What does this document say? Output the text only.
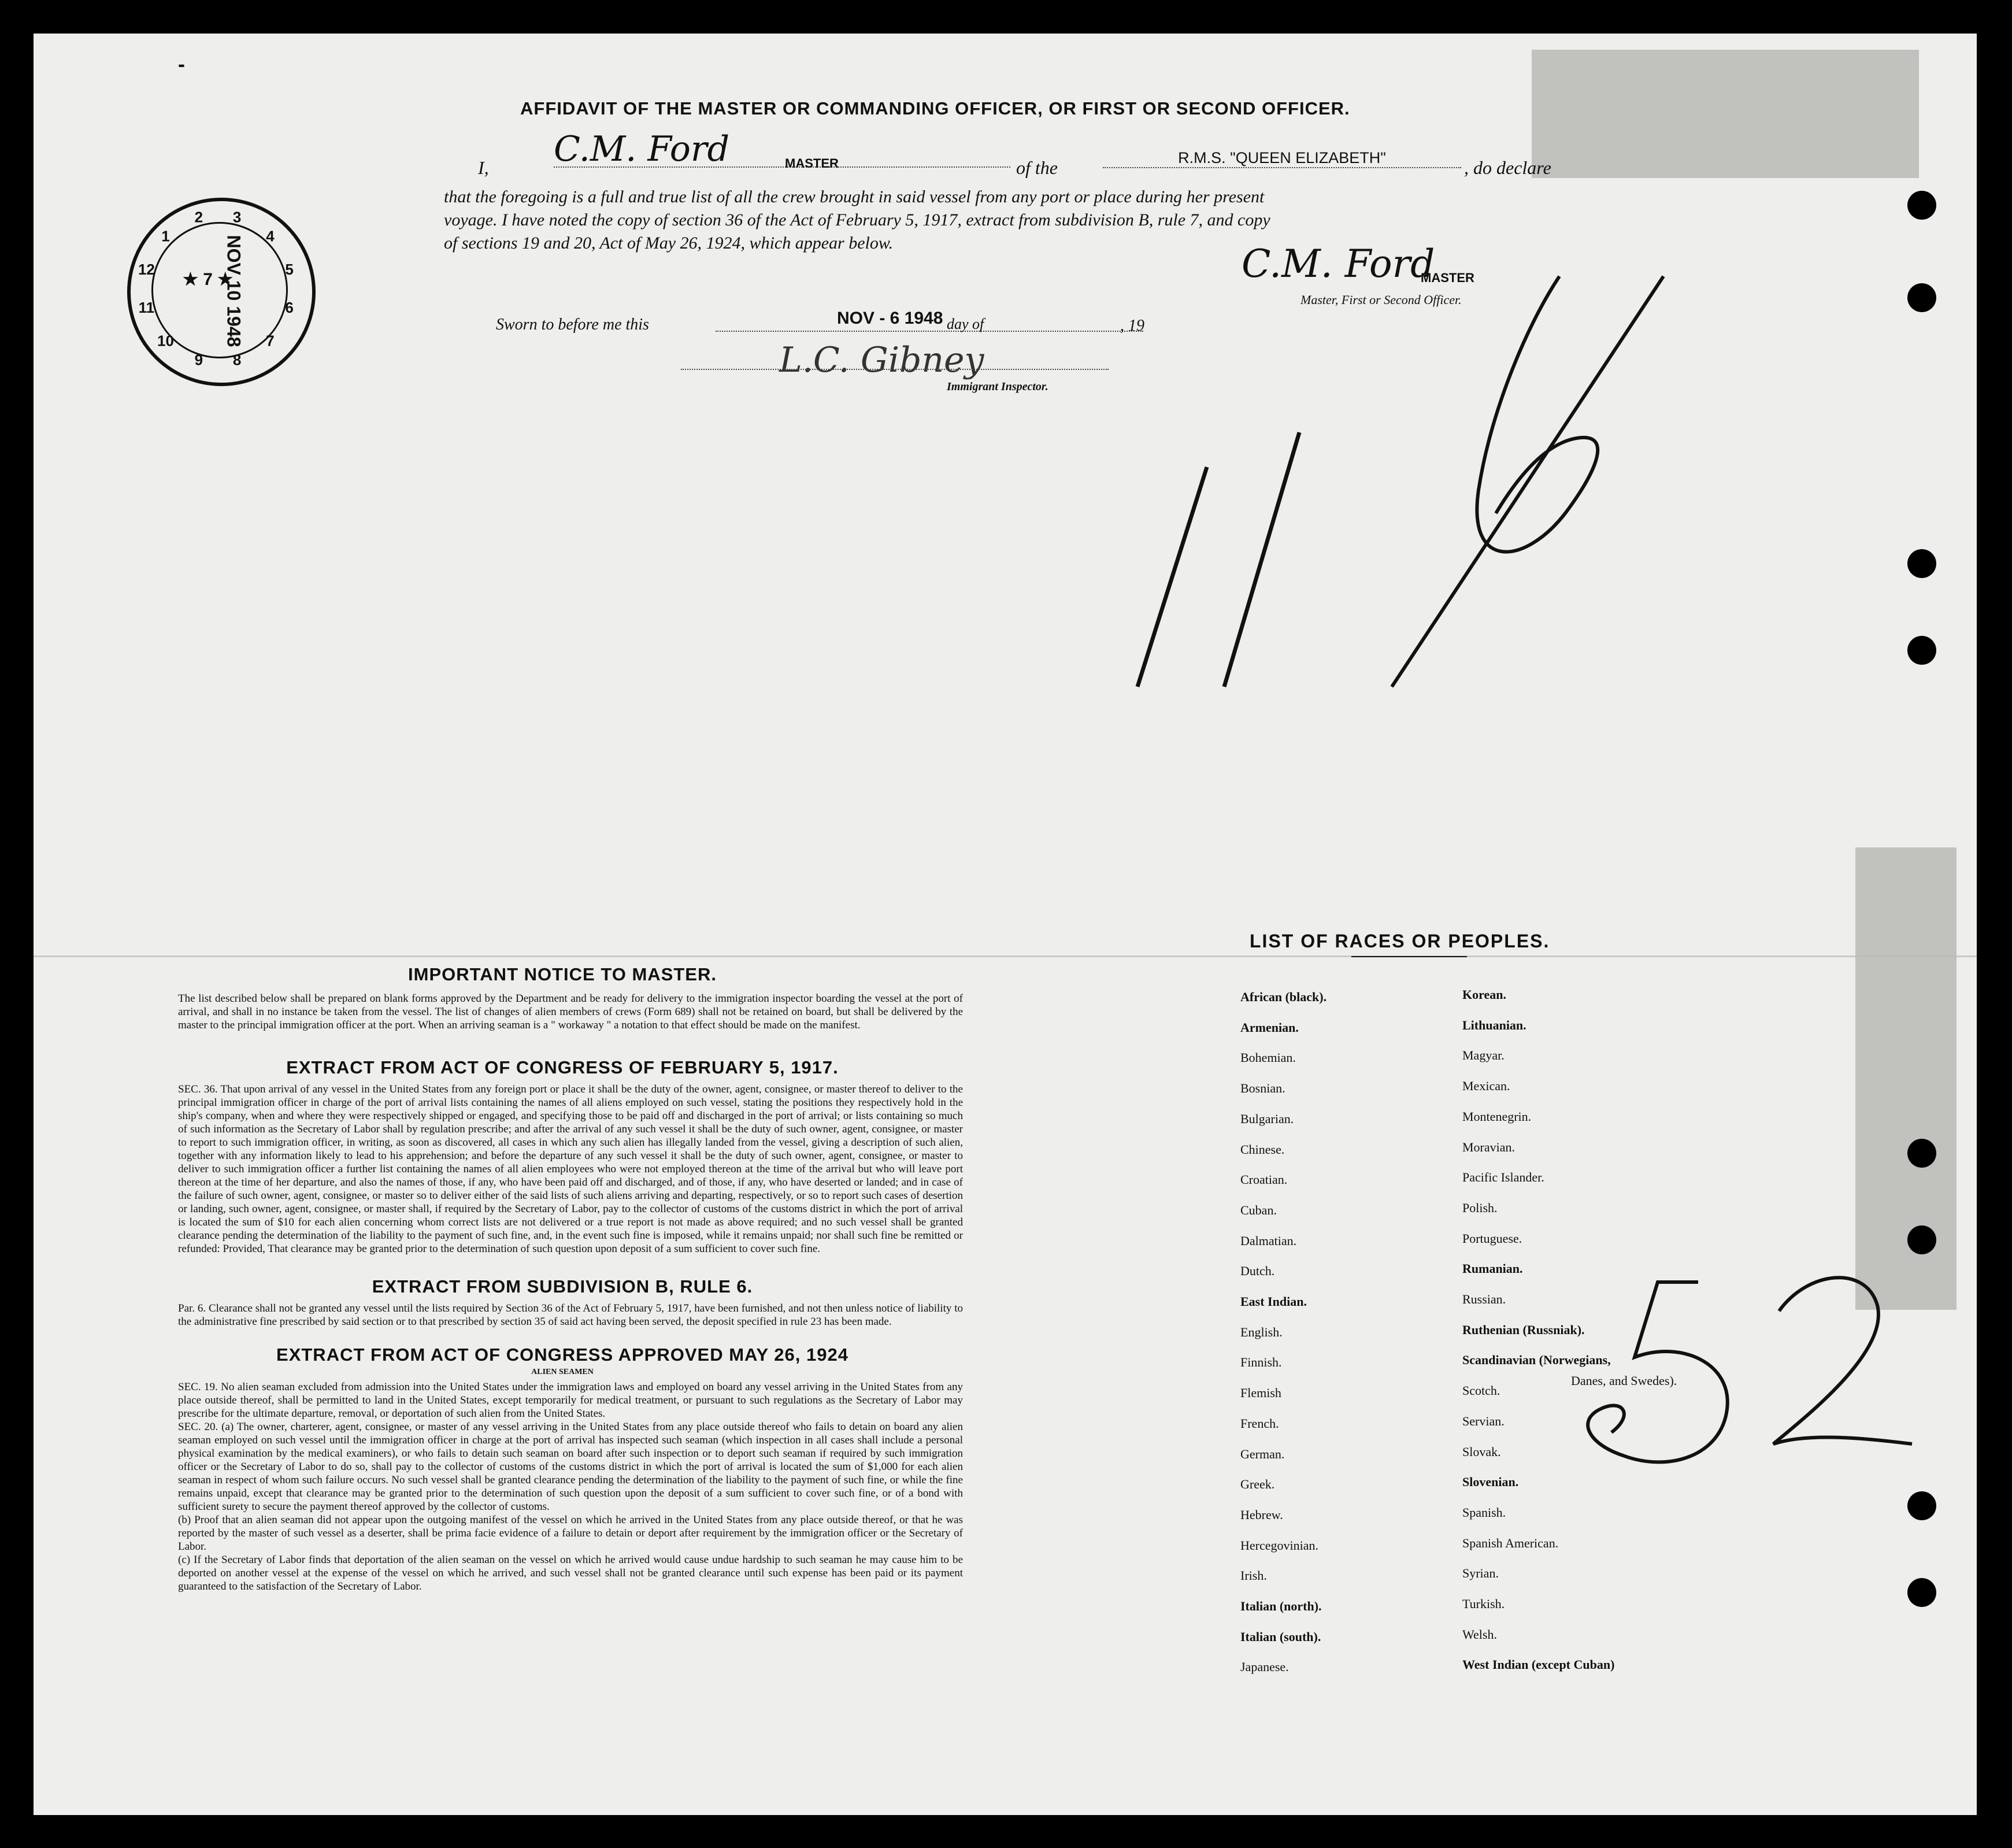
-
AFFIDAVIT OF THE MASTER OR COMMANDING OFFICER, OR FIRST OR SECOND OFFICER.
I, C.M. Ford	MASTER	of the	R.M.S. "QUEEN ELIZABETH"	, do declare
that the foregoing is a full and true list of all the crew brought in said vessel from any port or place during her present
voyage. I have noted the copy of section 36 of the Act of February 5, 1917, extract from subdivision B, rule 7, and copy
of sections 19 and 20, Act of May 26, 1924, which appear below.	C.M. Ford
MASTER
Master, First or Second Officer.
Sworn to before me this	NOV - 6 1948 day of	, 19
L.C. Gibney
Immigrant Inspector.
NOV 10 1948
★ 7 ★
1
2 3
4
5
6
7
8
9
10
11
12
IMPORTANT NOTICE TO MASTER.
The list described below shall be prepared on blank forms approved by the Department and be ready for delivery to the immigration inspector boarding the vessel at the port of arrival, and shall in no instance be taken from the vessel. The list of changes of alien members of crews (Form 689) shall not be retained on board, but shall be delivered by the master to the principal immigration officer at the port. When an arriving seaman is a " workaway " a notation to that effect should be made on the manifest.
EXTRACT FROM ACT OF CONGRESS OF FEBRUARY 5, 1917.
SEC. 36. That upon arrival of any vessel in the United States from any foreign port or place it shall be the duty of the owner, agent, consignee, or master thereof to deliver to the principal immigration officer in charge of the port of arrival lists containing the names of all aliens employed on such vessel, stating the positions they respectively hold in the ship's company, when and where they were respectively shipped or engaged, and specifying those to be paid off and discharged in the port of arrival; or lists containing so much of such information as the Secretary of Labor shall by regulation prescribe; and after the arrival of any such vessel it shall be the duty of such owner, agent, consignee, or master to report to such immigration officer, in writing, as soon as discovered, all cases in which any such alien has illegally landed from the vessel, giving a description of such alien, together with any information likely to lead to his apprehension; and before the departure of any such vessel it shall be the duty of such owner, agent, consignee, or master to deliver to such immigration officer a further list containing the names of all alien employees who were not employed thereon at the time of the arrival but who will leave port thereon at the time of her departure, and also the names of those, if any, who have been paid off and discharged, and of those, if any, who have deserted or landed; and in case of the failure of such owner, agent, consignee, or master so to deliver either of the said lists of such aliens arriving and departing, respectively, or so to report such cases of desertion or landing, such owner, agent, consignee, or master shall, if required by the Secretary of Labor, pay to the collector of customs of the customs district in which the port of arrival is located the sum of $10 for each alien concerning whom correct lists are not delivered or a true report is not made as above required; and no such vessel shall be granted clearance pending the determination of the liability to the payment of such fine, and, in the event such fine is imposed, while it remains unpaid; nor shall such fine be remitted or refunded: Provided, That clearance may be granted prior to the determination of such question upon deposit of a sum sufficient to cover such fine.
EXTRACT FROM SUBDIVISION B, RULE 6.
Par. 6. Clearance shall not be granted any vessel until the lists required by Section 36 of the Act of February 5, 1917, have been furnished, and not then unless notice of liability to the administrative fine prescribed by said section or to that prescribed by section 35 of said act having been served, the deposit specified in rule 23 has been made.
EXTRACT FROM ACT OF CONGRESS APPROVED MAY 26, 1924
ALIEN SEAMEN
SEC. 19. No alien seaman excluded from admission into the United States under the immigration laws and employed on board any vessel arriving in the United States from any place outside thereof, shall be permitted to land in the United States, except temporarily for medical treatment, or pursuant to such regulations as the Secretary of Labor may prescribe for the ultimate departure, removal, or deportation of such alien from the United States.
SEC. 20. (a) The owner, charterer, agent, consignee, or master of any vessel arriving in the United States from any place outside thereof who fails to detain on board any alien seaman employed on such vessel until the immigration officer in charge at the port of arrival has inspected such seaman (which inspection in all cases shall include a personal physical examination by the medical examiners), or who fails to detain such seaman on board after such inspection or to deport such seaman if required by such immigration officer or the Secretary of Labor to do so, shall pay to the collector of customs of the customs district in which the port of arrival is located the sum of $1,000 for each alien seaman in respect of whom such failure occurs. No such vessel shall be granted clearance pending the determination of the liability to the payment of such fine, or while the fine remains unpaid, except that clearance may be granted prior to the determination of such question upon the deposit of a sum sufficient to cover such fine, or of a bond with sufficient surety to secure the payment thereof approved by the collector of customs.
(b) Proof that an alien seaman did not appear upon the outgoing manifest of the vessel on which he arrived in the United States from any place outside thereof, or that he was reported by the master of such vessel as a deserter, shall be prima facie evidence of a failure to detain or deport after requirement by the immigration officer or the Secretary of Labor.
(c) If the Secretary of Labor finds that deportation of the alien seaman on the vessel on which he arrived would cause undue hardship to such seaman he may cause him to be deported on another vessel at the expense of the vessel on which he arrived, and such vessel shall not be granted clearance until such expense has been paid or its payment guaranteed to the satisfaction of the Secretary of Labor.
LIST OF RACES OR PEOPLES.
African (black).
Armenian.
Bohemian.
Bosnian.
Bulgarian.
Chinese.
Croatian.
Cuban.
Dalmatian.
Dutch.
East Indian.
English.
Finnish.
Flemish
French.
German.
Greek.
Hebrew.
Hercegovinian.
Irish.
Italian (north).
Italian (south).
Japanese.
Korean.
Lithuanian.
Magyar.
Mexican.
Montenegrin.
Moravian.
Pacific Islander.
Polish.
Portuguese.
Rumanian.
Russian.
Ruthenian (Russniak).
Scandinavian (Norwegians,
Scotch.
Servian.
Slovak.
Slovenian.
Spanish.
Spanish American.
Syrian.
Turkish.
Welsh.
West Indian (except Cuban)
Danes, and Swedes).
